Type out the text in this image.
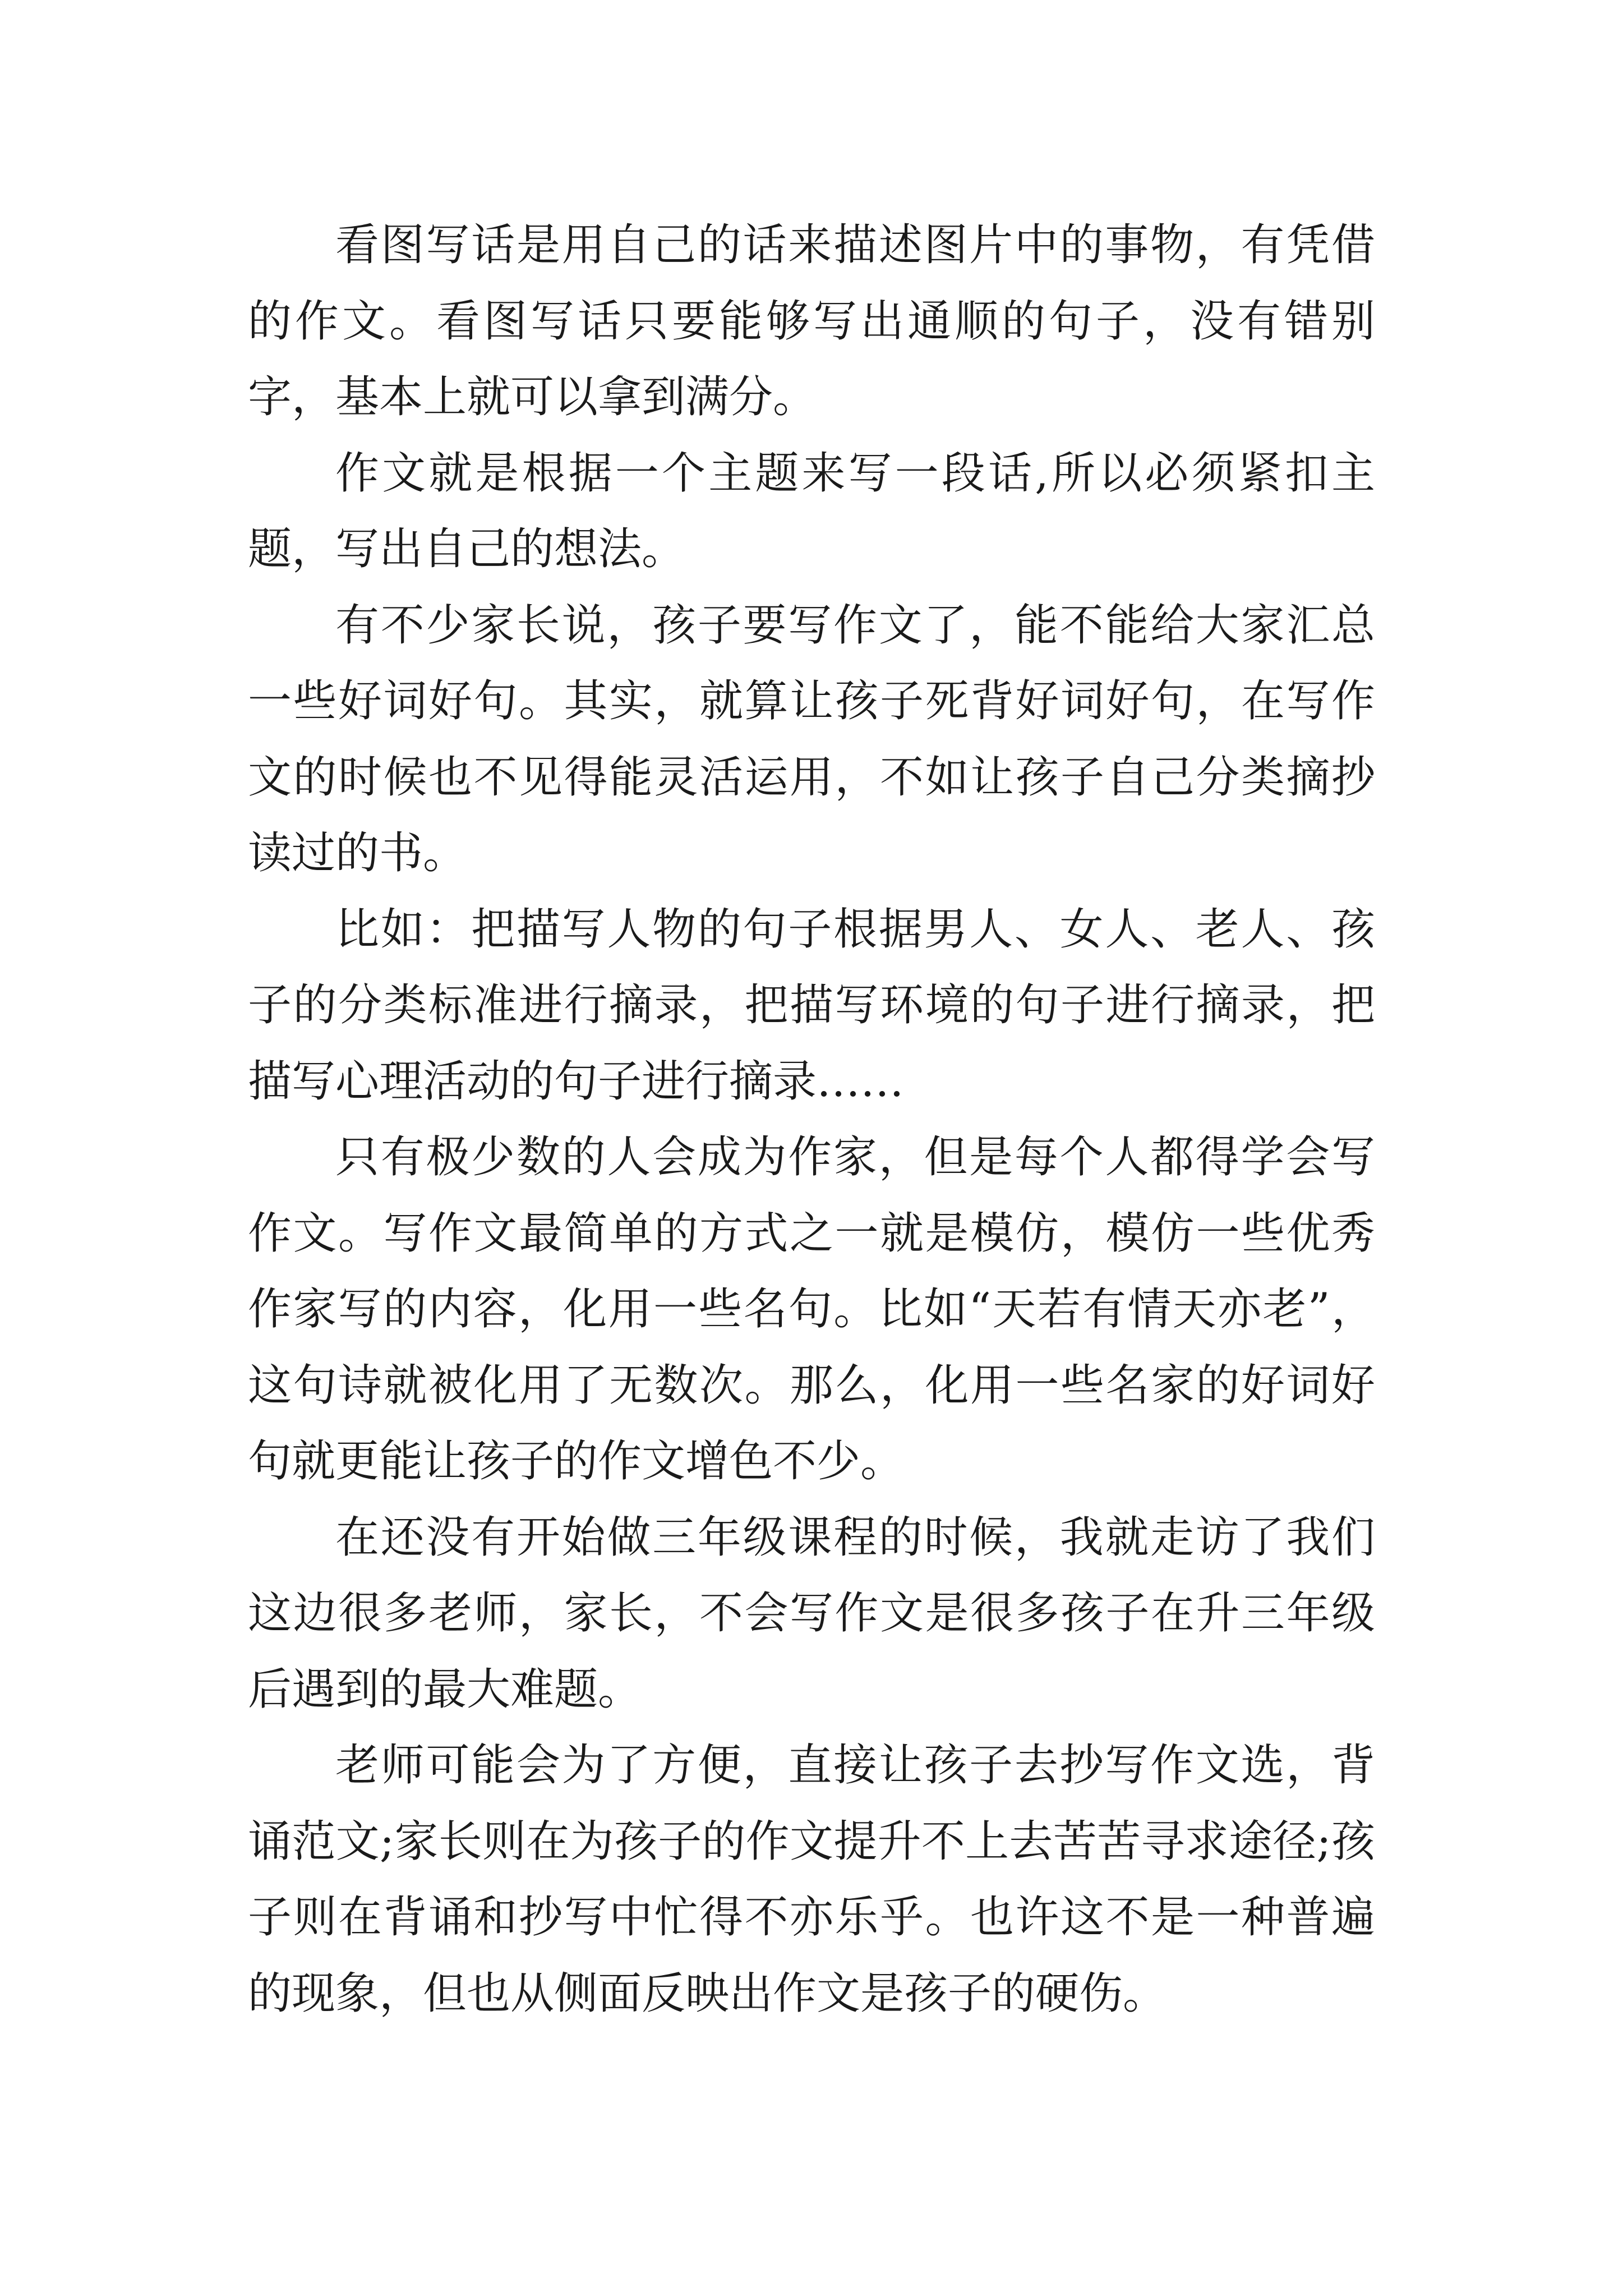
看图写话是用自己的话来描述图片中的事物，有凭借的作文。看图写话只要能够写出通顺的句子，没有错别字，基本上就可以拿到满分。

作文就是根据一个主题来写一段话,所以必须紧扣主题，写出自己的想法。

有不少家长说，孩子要写作文了，能不能给大家汇总一些好词好句。其实，就算让孩子死背好词好句，在写作文的时候也不见得能灵活运用，不如让孩子自己分类摘抄读过的书。

比如：把描写人物的句子根据男人、女人、老人、孩子的分类标准进行摘录，把描写环境的句子进行摘录，把描写心理活动的句子进行摘录……

只有极少数的人会成为作家，但是每个人都得学会写作文。写作文最简单的方式之一就是模仿，模仿一些优秀作家写的内容，化用一些名句。比如“天若有情天亦老”，这句诗就被化用了无数次。那么，化用一些名家的好词好句就更能让孩子的作文增色不少。

在还没有开始做三年级课程的时候，我就走访了我们这边很多老师，家长，不会写作文是很多孩子在升三年级后遇到的最大难题。

老师可能会为了方便，直接让孩子去抄写作文选，背诵范文;家长则在为孩子的作文提升不上去苦苦寻求途径;孩子则在背诵和抄写中忙得不亦乐乎。也许这不是一种普遍的现象，但也从侧面反映出作文是孩子的硬伤。
